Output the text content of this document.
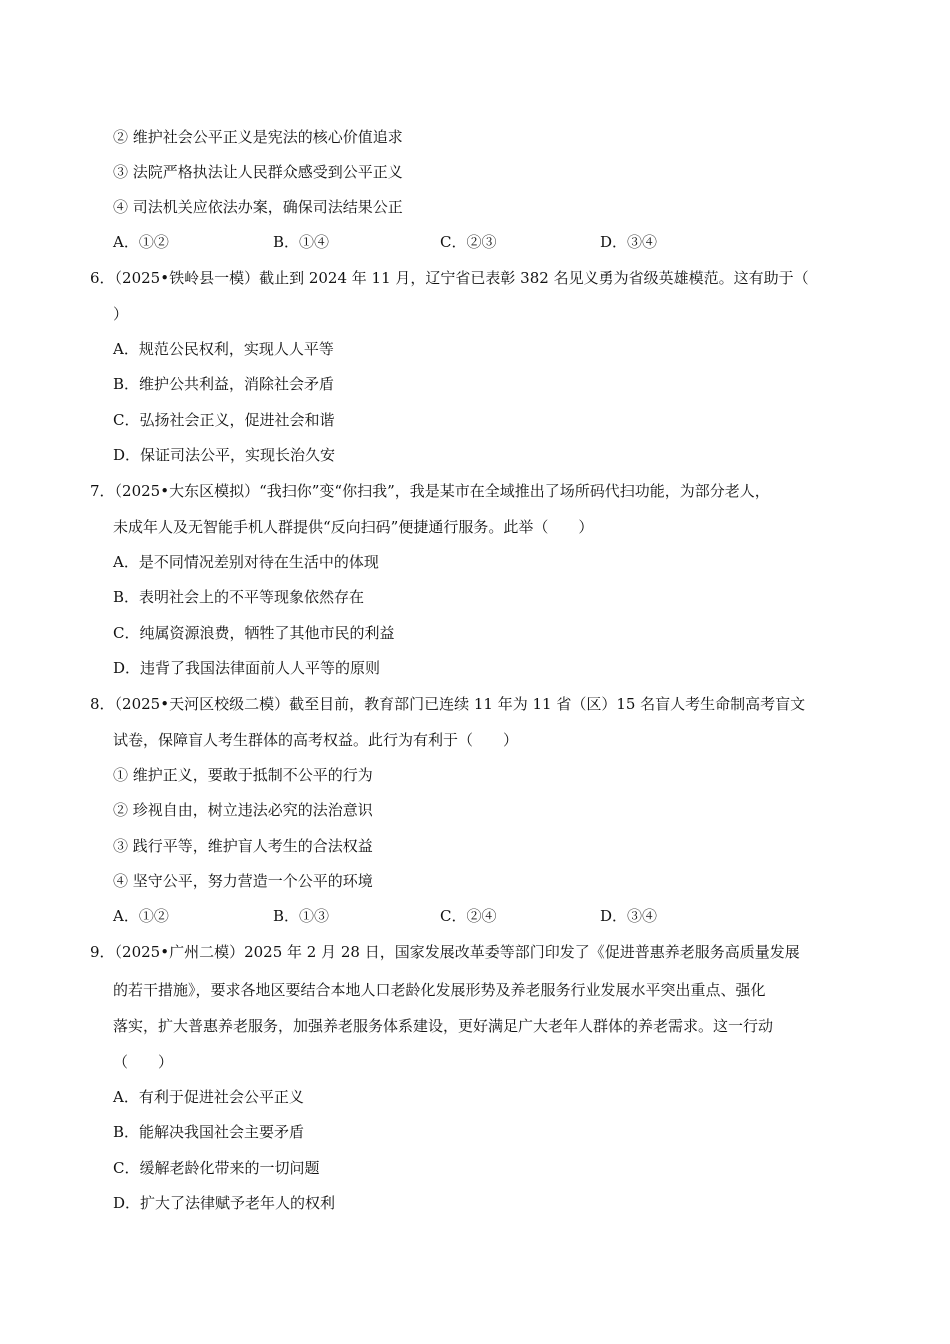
② 维护社会公平正义是宪法的核心价值追求
③ 法院严格执法让人民群众感受到公平正义
④ 司法机关应依法办案，确保司法结果公正
A．①②	B．①④	C．②③	D．③④
6．（2025•铁岭县一模）截止到 2024 年 11 月，辽宁省已表彰 382 名见义勇为省级英雄模范。这有助于（
）
A．规范公民权利，实现人人平等
B．维护公共利益，消除社会矛盾
C．弘扬社会正义，促进社会和谐
D．保证司法公平，实现长治久安
7．（2025•大东区模拟）“我扫你”变“你扫我”，我是某市在全域推出了场所码代扫功能，为部分老人，
未成年人及无智能手机人群提供“反向扫码”便捷通行服务。此举（　　）
A．是不同情况差别对待在生活中的体现
B．表明社会上的不平等现象依然存在
C．纯属资源浪费，牺牲了其他市民的利益
D．违背了我国法律面前人人平等的原则
8．（2025•天河区校级二模）截至目前，教育部门已连续 11 年为 11 省（区）15 名盲人考生命制高考盲文
试卷，保障盲人考生群体的高考权益。此行为有利于（　　）
① 维护正义，要敢于抵制不公平的行为
② 珍视自由，树立违法必究的法治意识
③ 践行平等，维护盲人考生的合法权益
④ 坚守公平，努力营造一个公平的环境
A．①②	B．①③	C．②④	D．③④
9．（2025•广州二模）2025 年 2 月 28 日，国家发展改革委等部门印发了《促进普惠养老服务高质量发展
的若干措施》，要求各地区要结合本地人口老龄化发展形势及养老服务行业发展水平突出重点、强化
落实，扩大普惠养老服务，加强养老服务体系建设，更好满足广大老年人群体的养老需求。这一行动
（　　）
A．有利于促进社会公平正义
B．能解决我国社会主要矛盾
C．缓解老龄化带来的一切问题
D．扩大了法律赋予老年人的权利
